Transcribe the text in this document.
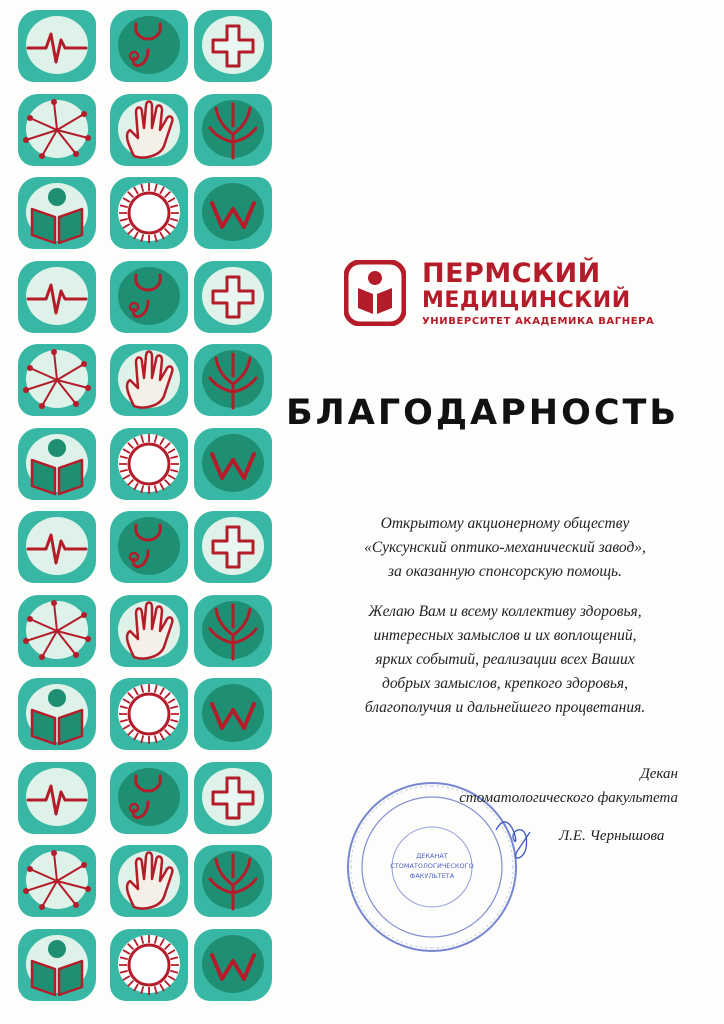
ПЕРМСКИЙ
МЕДИЦИНСКИЙ
УНИВЕРСИТЕТ АКАДЕМИКА ВАГНЕРА
БЛАГОДАРНОСТЬ
Открытому акционерному обществу
«Суксунский оптико-механический завод»,
за оказанную спонсорскую помощь.
Желаю Вам и всему коллективу здоровья,
интересных замыслов и их воплощений,
ярких событий, реализации всех Ваших
добрых замыслов, крепкого здоровья,
благополучия и дальнейшего процветания.
ДЕКАНАТ
СТОМАТОЛОГИЧЕСКОГО
ФАКУЛЬТЕТА
Декан
стоматологического факультета
Л.Е. Чернышова
